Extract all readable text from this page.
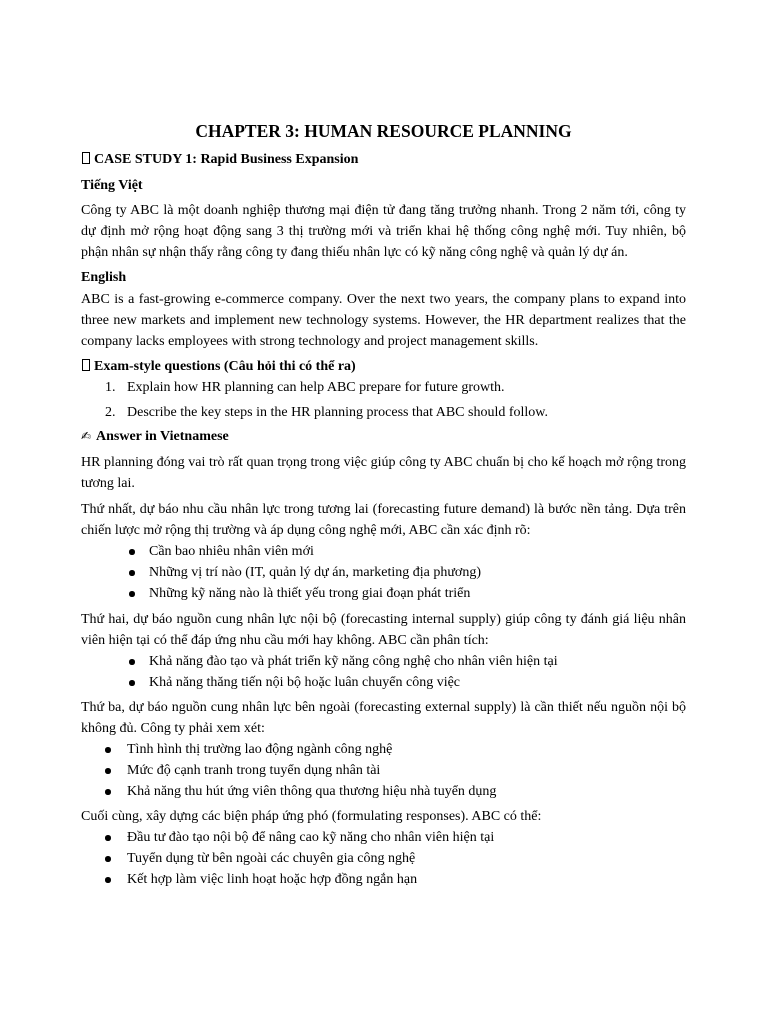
CHAPTER 3: HUMAN RESOURCE PLANNING
CASE STUDY 1: Rapid Business Expansion
Tiếng Việt

Công ty ABC là một doanh nghiệp thương mại điện tử đang tăng trưởng nhanh. Trong 2 năm tới, công ty dự định mở rộng hoạt động sang 3 thị trường mới và triển khai hệ thống công nghệ mới. Tuy nhiên, bộ phận nhân sự nhận thấy rằng công ty đang thiếu nhân lực có kỹ năng công nghệ và quản lý dự án.

English

ABC is a fast-growing e-commerce company. Over the next two years, the company plans to expand into three new markets and implement new technology systems. However, the HR department realizes that the company lacks employees with strong technology and project management skills.

Exam-style questions (Câu hỏi thi có thể ra)
1. Explain how HR planning can help ABC prepare for future growth.
2. Describe the key steps in the HR planning process that ABC should follow.
✍Answer in Vietnamese

HR planning đóng vai trò rất quan trọng trong việc giúp công ty ABC chuẩn bị cho kế hoạch mở rộng trong tương lai.

Thứ nhất, dự báo nhu cầu nhân lực trong tương lai (forecasting future demand) là bước nền tảng. Dựa trên chiến lược mở rộng thị trường và áp dụng công nghệ mới, ABC cần xác định rõ:

Cần bao nhiêu nhân viên mới
Những vị trí nào (IT, quản lý dự án, marketing địa phương)
Những kỹ năng nào là thiết yếu trong giai đoạn phát triển

Thứ hai, dự báo nguồn cung nhân lực nội bộ (forecasting internal supply) giúp công ty đánh giá liệu nhân viên hiện tại có thể đáp ứng nhu cầu mới hay không. ABC cần phân tích:

Khả năng đào tạo và phát triển kỹ năng công nghệ cho nhân viên hiện tại
Khả năng thăng tiến nội bộ hoặc luân chuyển công việc

Thứ ba, dự báo nguồn cung nhân lực bên ngoài (forecasting external supply) là cần thiết nếu nguồn nội bộ không đủ. Công ty phải xem xét:

Tình hình thị trường lao động ngành công nghệ
Mức độ cạnh tranh trong tuyển dụng nhân tài
Khả năng thu hút ứng viên thông qua thương hiệu nhà tuyển dụng

Cuối cùng, xây dựng các biện pháp ứng phó (formulating responses). ABC có thể:

Đầu tư đào tạo nội bộ để nâng cao kỹ năng cho nhân viên hiện tại
Tuyển dụng từ bên ngoài các chuyên gia công nghệ
Kết hợp làm việc linh hoạt hoặc hợp đồng ngắn hạn
